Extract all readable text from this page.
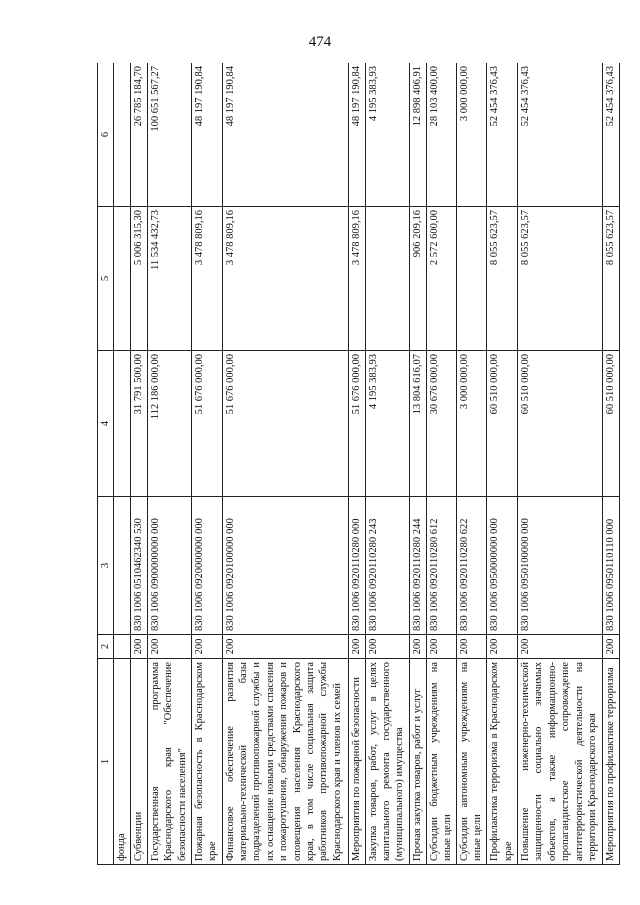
474
1	2	3	4	5	6
фонда					
Субвенции	200	830 1006 0510462340 530	31 791 500,00	5 006 315,30	26 785 184,70
Государственная программа Краснодарского края "Обеспечение безопасности населения"	200	830 1006 0900000000 000	112 186 000,00	11 534 432,73	100 651 567,27
Пожарная безопасность в Краснодарском крае	200	830 1006 0920000000 000	51 676 000,00	3 478 809,16	48 197 190,84
Финансовое обеспечение развития материально-технической базы подразделений противопожарной службы и их оснащение новыми средствами спасения и пожаротушения, обнаружения пожаров и оповещения населения Краснодарского края, в том числе социальная защита работников противопожарной службы Краснодарского края и членов их семей	200	830 1006 0920100000 000	51 676 000,00	3 478 809,16	48 197 190,84
Мероприятия по пожарной безопасности	200	830 1006 0920110280 000	51 676 000,00	3 478 809,16	48 197 190,84
Закупка товаров, работ, услуг в целях капитального ремонта государственного (муниципального) имущества	200	830 1006 0920110280 243	4 195 383,93		4 195 383,93
Прочая закупка товаров, работ и услуг	200	830 1006 0920110280 244	13 804 616,07	906 209,16	12 898 406,91
Субсидии бюджетным учреждениям на иные цели	200	830 1006 0920110280 612	30 676 000,00	2 572 600,00	28 103 400,00
Субсидии автономным учреждениям на иные цели	200	830 1006 0920110280 622	3 000 000,00		3 000 000,00
Профилактика терроризма в Краснодарском крае	200	830 1006 0950000000 000	60 510 000,00	8 055 623,57	52 454 376,43
Повышение инженерно-технической защищенности социально значимых объектов, а также информационно-пропагандистское сопровождение антитеррористической деятельности на территории Краснодарского края	200	830 1006 0950100000 000	60 510 000,00	8 055 623,57	52 454 376,43
Мероприятия по профилактике терроризма	200	830 1006 0950110110 000	60 510 000,00	8 055 623,57	52 454 376,43
